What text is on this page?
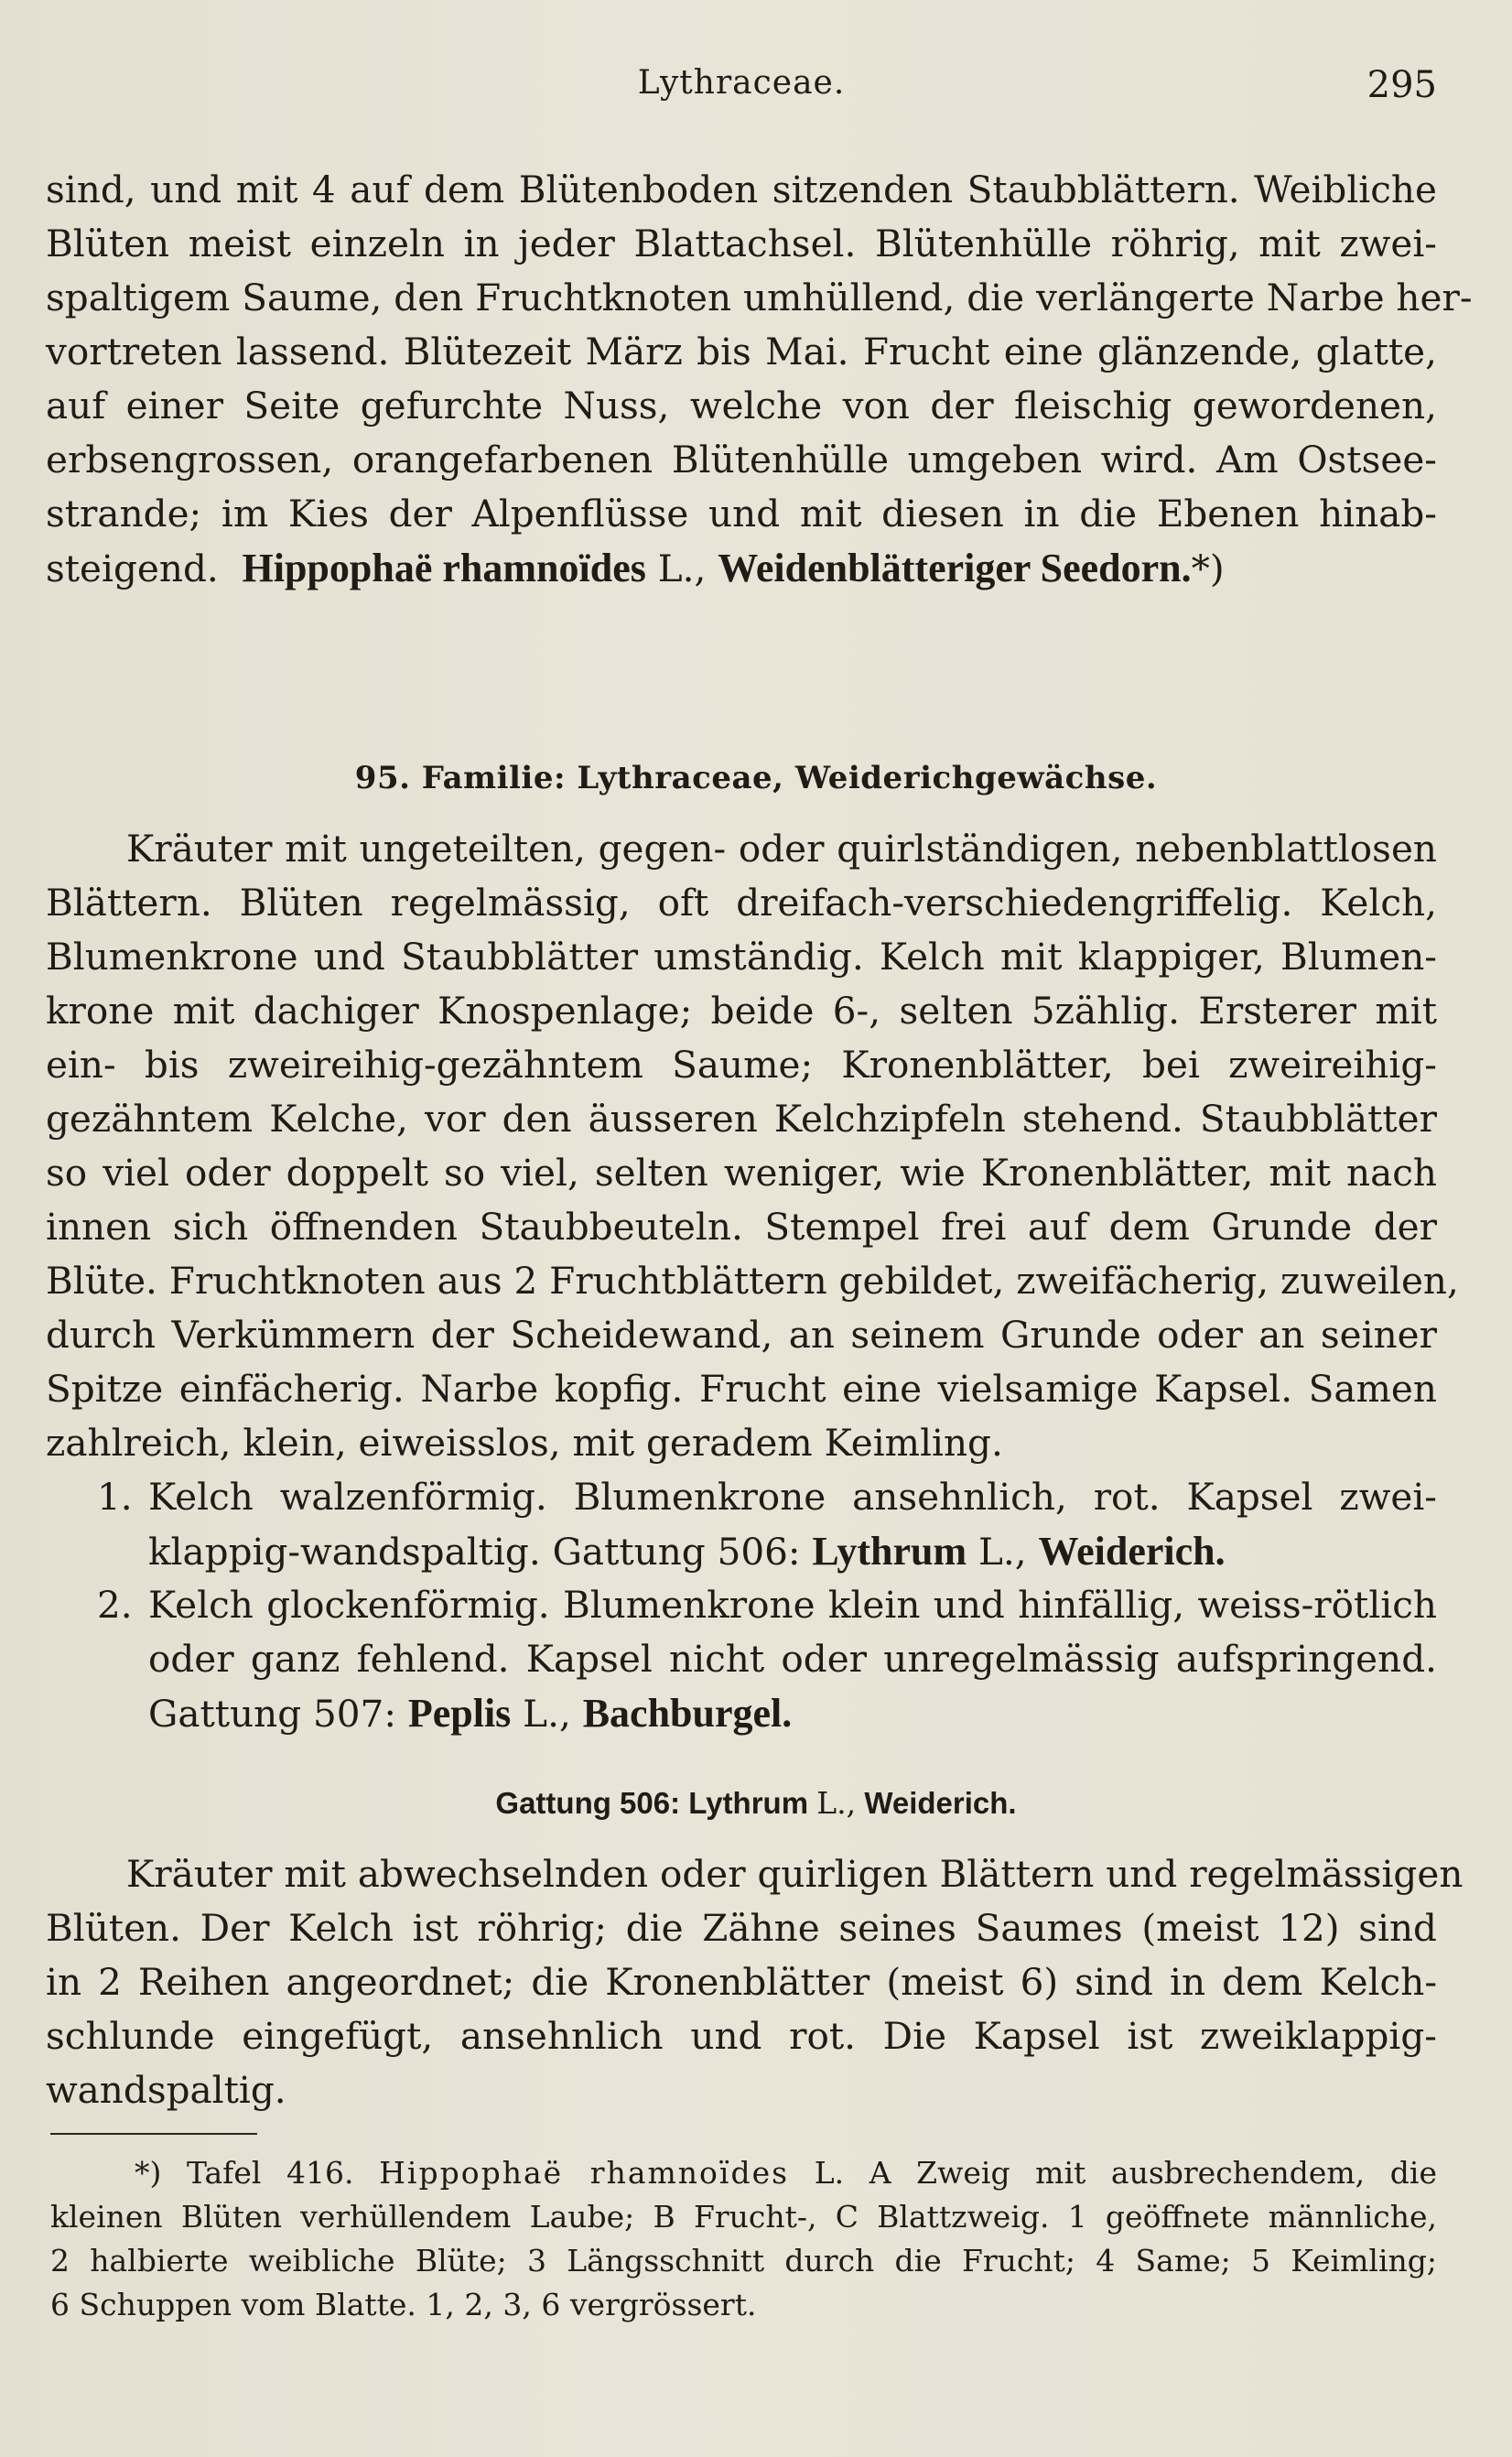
Lythraceae.	295
sind, und mit 4 auf dem Blütenboden sitzenden Staubblättern. Weibliche
Blüten meist einzeln in jeder Blattachsel. Blütenhülle röhrig, mit zwei-
spaltigem Saume, den Fruchtknoten umhüllend, die verlängerte Narbe her-
vortreten lassend. Blütezeit März bis Mai. Frucht eine glänzende, glatte,
auf einer Seite gefurchte Nuss, welche von der fleischig gewordenen,
erbsengrossen, orangefarbenen Blütenhülle umgeben wird. Am Ostsee-
strande; im Kies der Alpenflüsse und mit diesen in die Ebenen hinab-
steigend. Hippophaë rhamnoïdes L., Weidenblätteriger Seedorn.*)
95. Familie: Lythraceae, Weiderichgewächse.
Kräuter mit ungeteilten, gegen- oder quirlständigen, nebenblattlosen
Blättern. Blüten regelmässig, oft dreifach-verschiedengriffelig. Kelch,
Blumenkrone und Staubblätter umständig. Kelch mit klappiger, Blumen-
krone mit dachiger Knospenlage; beide 6-, selten 5zählig. Ersterer mit
ein- bis zweireihig-gezähntem Saume; Kronenblätter, bei zweireihig-
gezähntem Kelche, vor den äusseren Kelchzipfeln stehend. Staubblätter
so viel oder doppelt so viel, selten weniger, wie Kronenblätter, mit nach
innen sich öffnenden Staubbeuteln. Stempel frei auf dem Grunde der
Blüte. Fruchtknoten aus 2 Fruchtblättern gebildet, zweifächerig, zuweilen,
durch Verkümmern der Scheidewand, an seinem Grunde oder an seiner
Spitze einfächerig. Narbe kopfig. Frucht eine vielsamige Kapsel. Samen
zahlreich, klein, eiweisslos, mit geradem Keimling.
1. Kelch walzenförmig. Blumenkrone ansehnlich, rot. Kapsel zwei-
klappig-wandspaltig. Gattung 506: Lythrum L., Weiderich.
2. Kelch glockenförmig. Blumenkrone klein und hinfällig, weiss-rötlich
oder ganz fehlend. Kapsel nicht oder unregelmässig aufspringend.
Gattung 507: Peplis L., Bachburgel.
Gattung 506: Lythrum L., Weiderich.
Kräuter mit abwechselnden oder quirligen Blättern und regelmässigen
Blüten. Der Kelch ist röhrig; die Zähne seines Saumes (meist 12) sind
in 2 Reihen angeordnet; die Kronenblätter (meist 6) sind in dem Kelch-
schlunde eingefügt, ansehnlich und rot. Die Kapsel ist zweiklappig-
wandspaltig.
*) Tafel 416. Hippophaë rhamnoïdes L. A Zweig mit ausbrechendem, die
kleinen Blüten verhüllendem Laube; B Frucht-, C Blattzweig. 1 geöffnete männliche,
2 halbierte weibliche Blüte; 3 Längsschnitt durch die Frucht; 4 Same; 5 Keimling;
6 Schuppen vom Blatte. 1, 2, 3, 6 vergrössert.
